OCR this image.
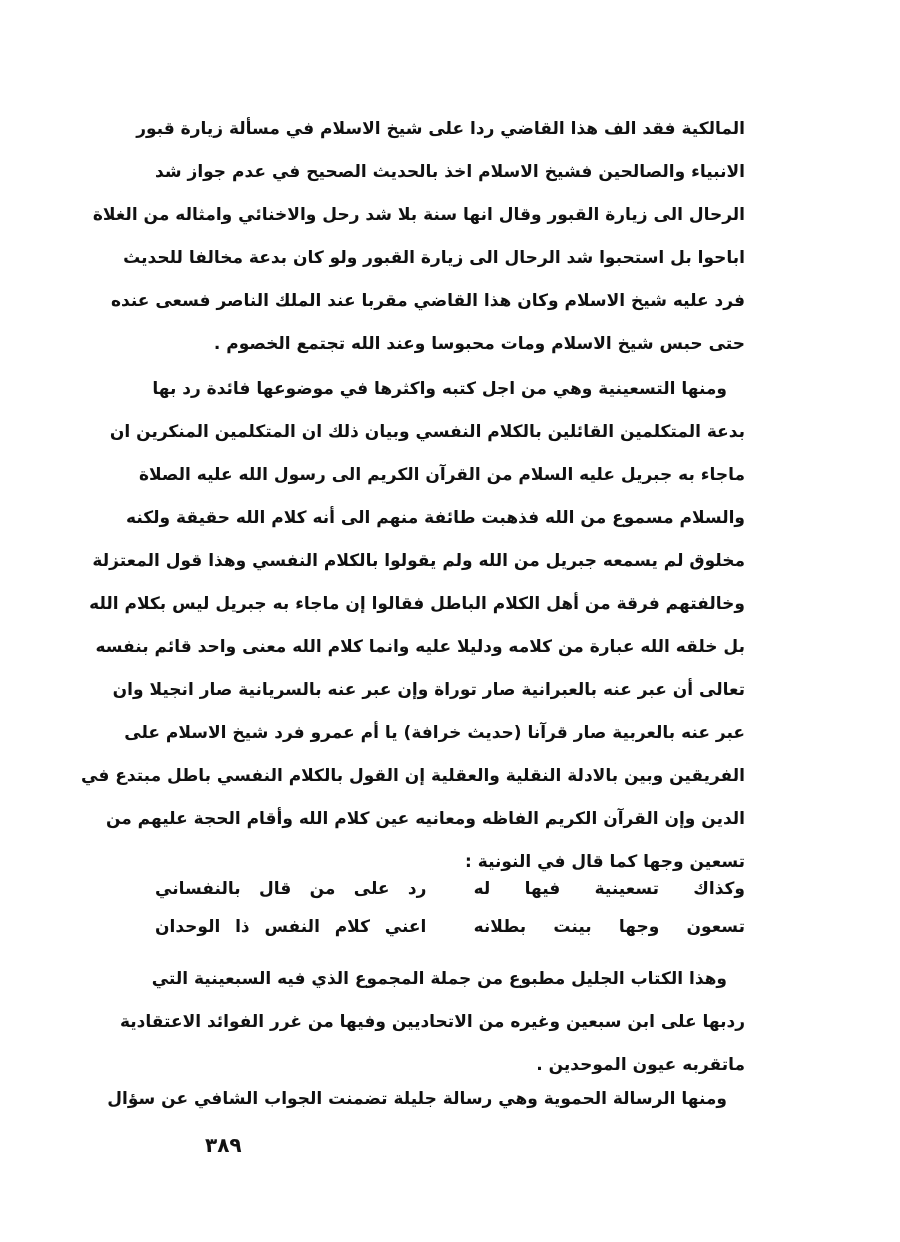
المالكية فقد الف هذا القاضي ردا على شيخ الاسلام في مسألة زيارة قبور
الانبياء والصالحين فشيخ الاسلام اخذ بالحديث الصحيح في عدم جواز شد
الرحال الى زيارة القبور وقال انها سنة بلا شد رحل والاخنائي وامثاله من الغلاة
اباحوا بل استحبوا شد الرحال الى زيارة القبور ولو كان بدعة مخالفا للحديث
فرد عليه شيخ الاسلام وكان هذا القاضي مقربا عند الملك الناصر فسعى عنده
حتى حبس شيخ الاسلام ومات محبوسا وعند الله تجتمع الخصوم .
ومنها التسعينية وهي من اجل كتبه واكثرها في موضوعها فائدة رد بها
بدعة المتكلمين القائلين بالكلام النفسي وبيان ذلك ان المتكلمين المنكرين ان
ماجاء به جبريل عليه السلام من القرآن الكريم الى رسول الله عليه الصلاة
والسلام مسموع من الله فذهبت طائفة منهم الى أنه كلام الله حقيقة ولكنه
مخلوق لم يسمعه جبريل من الله ولم يقولوا بالكلام النفسي وهذا قول المعتزلة
وخالفتهم فرقة من أهل الكلام الباطل فقالوا إن ماجاء به جبريل ليس بكلام الله
بل خلقه الله عبارة من كلامه ودليلا عليه وانما كلام الله معنى واحد قائم بنفسه
تعالى أن عبر عنه بالعبرانية صار توراة وإن عبر عنه بالسريانية صار انجيلا وان
عبر عنه بالعربية صار قرآنا (حديث خرافة) يا أم عمرو فرد شيخ الاسلام على
الفريقين وبين بالادلة النقلية والعقلية إن القول بالكلام النفسي باطل مبتدع في
الدين وإن القرآن الكريم الفاظه ومعانيه عين كلام الله وأقام الحجة عليهم من
تسعين وجها كما قال في النونية :
وكذاك تسعينية فيها له
رد على من قال بالنفساني
تسعون وجها بينت بطلانه
اعني كلام النفس ذا الوحدان
وهذا الكتاب الجليل مطبوع من جملة المجموع الذي فيه السبعينية التي
ردبها على ابن سبعين وغيره من الاتحاديين وفيها من غرر الفوائد الاعتقادية
ماتقربه عيون الموحدين .
ومنها الرسالة الحموية وهي رسالة جليلة تضمنت الجواب الشافي عن سؤال
٣٨٩
